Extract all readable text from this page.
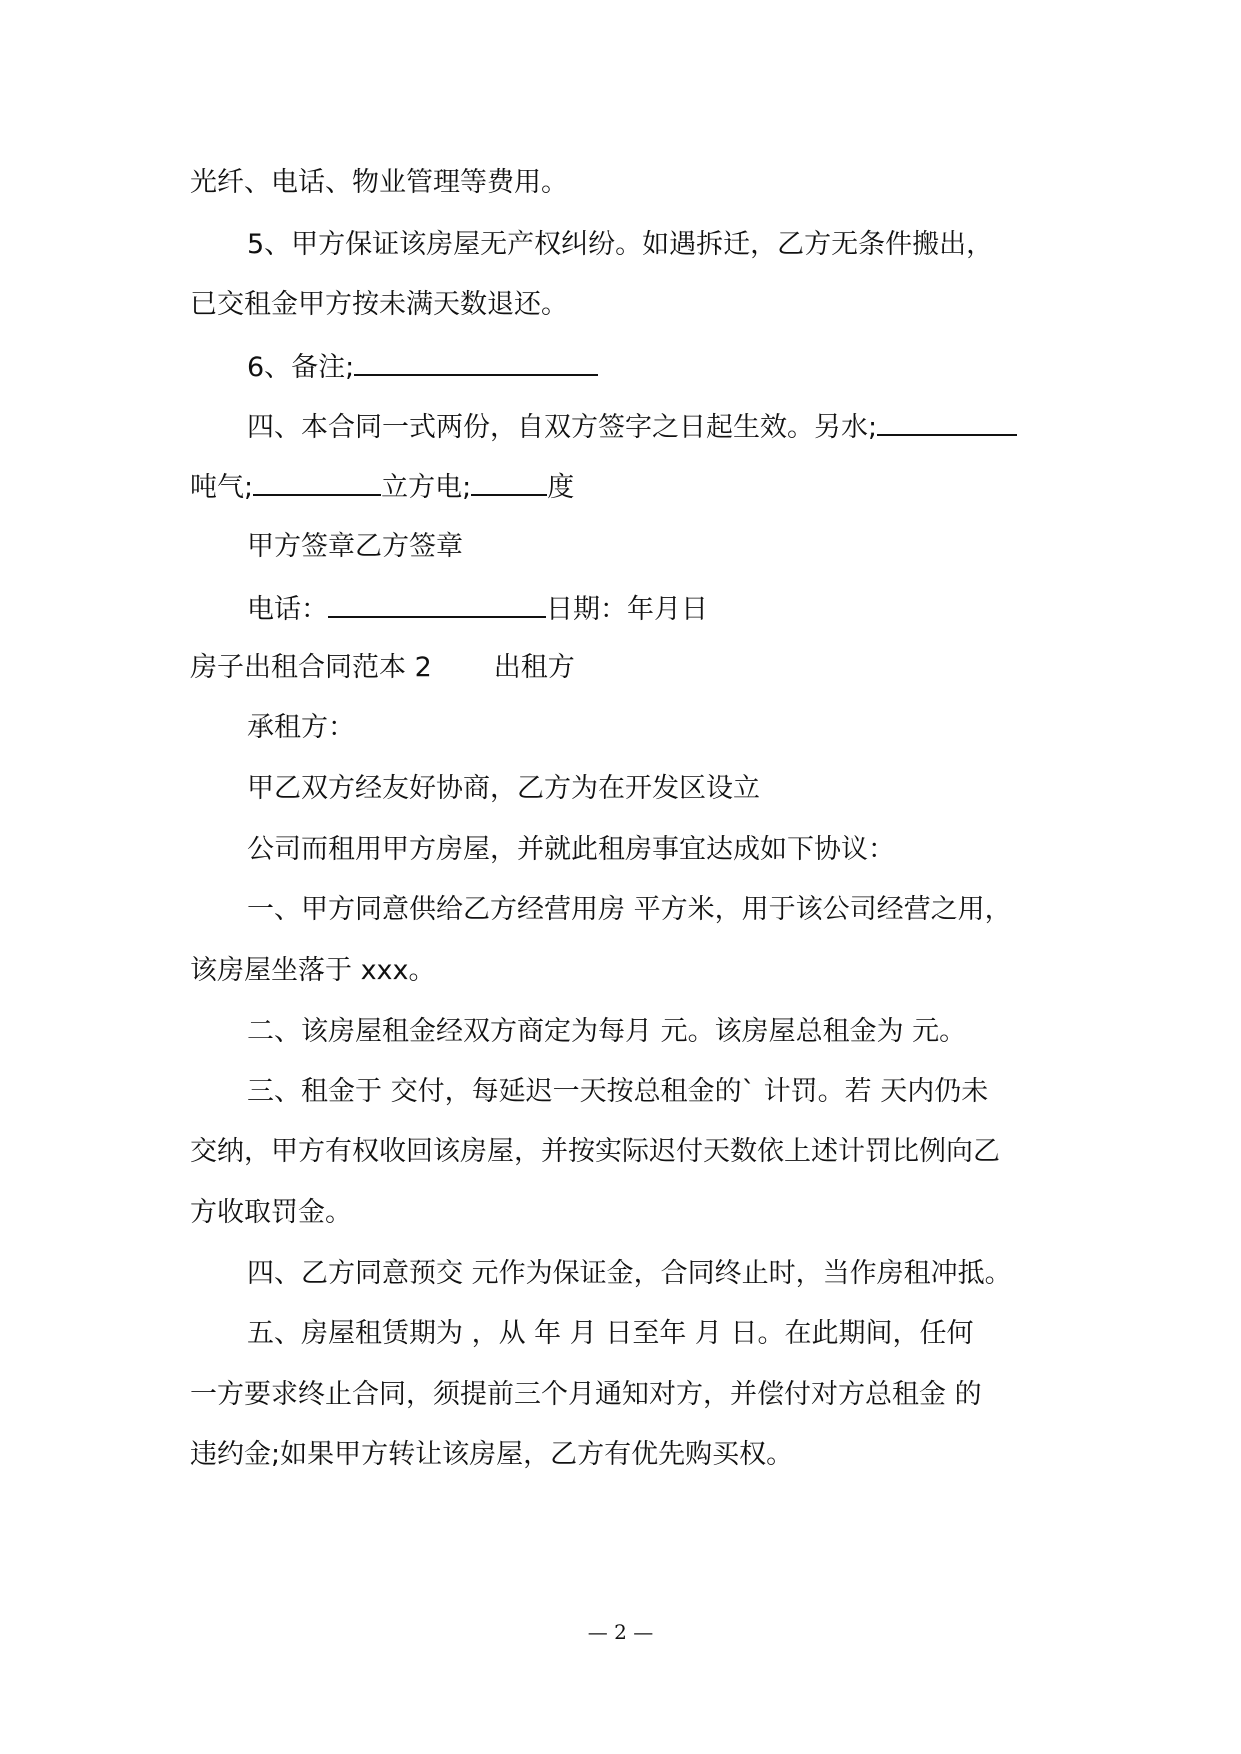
光纤、电话、物业管理等费用。

5、甲方保证该房屋无产权纠纷。如遇拆迁，乙方无条件搬出，

已交租金甲方按未满天数退还。

6、备注;

四、本合同一式两份，自双方签字之日起生效。另水;

吨气;	立方电;	度

甲方签章乙方签章

电话：	日期：年月日

房子出租合同范本 2 出租方

承租方：

甲乙双方经友好协商，乙方为在开发区设立

公司而租用甲方房屋，并就此租房事宜达成如下协议：

一、甲方同意供给乙方经营用房 平方米，用于该公司经营之用，

该房屋坐落于 xxx。

二、该房屋租金经双方商定为每月 元。该房屋总租金为 元。

三、租金于 交付，每延迟一天按总租金的` 计罚。若 天内仍未

交纳，甲方有权收回该房屋，并按实际迟付天数依上述计罚比例向乙

方收取罚金。

四、乙方同意预交 元作为保证金，合同终止时，当作房租冲抵。

五、房屋租赁期为 ，从 年 月 日至年 月 日。在此期间，任何

一方要求终止合同，须提前三个月通知对方，并偿付对方总租金 的

违约金;如果甲方转让该房屋，乙方有优先购买权。

— 2 —
